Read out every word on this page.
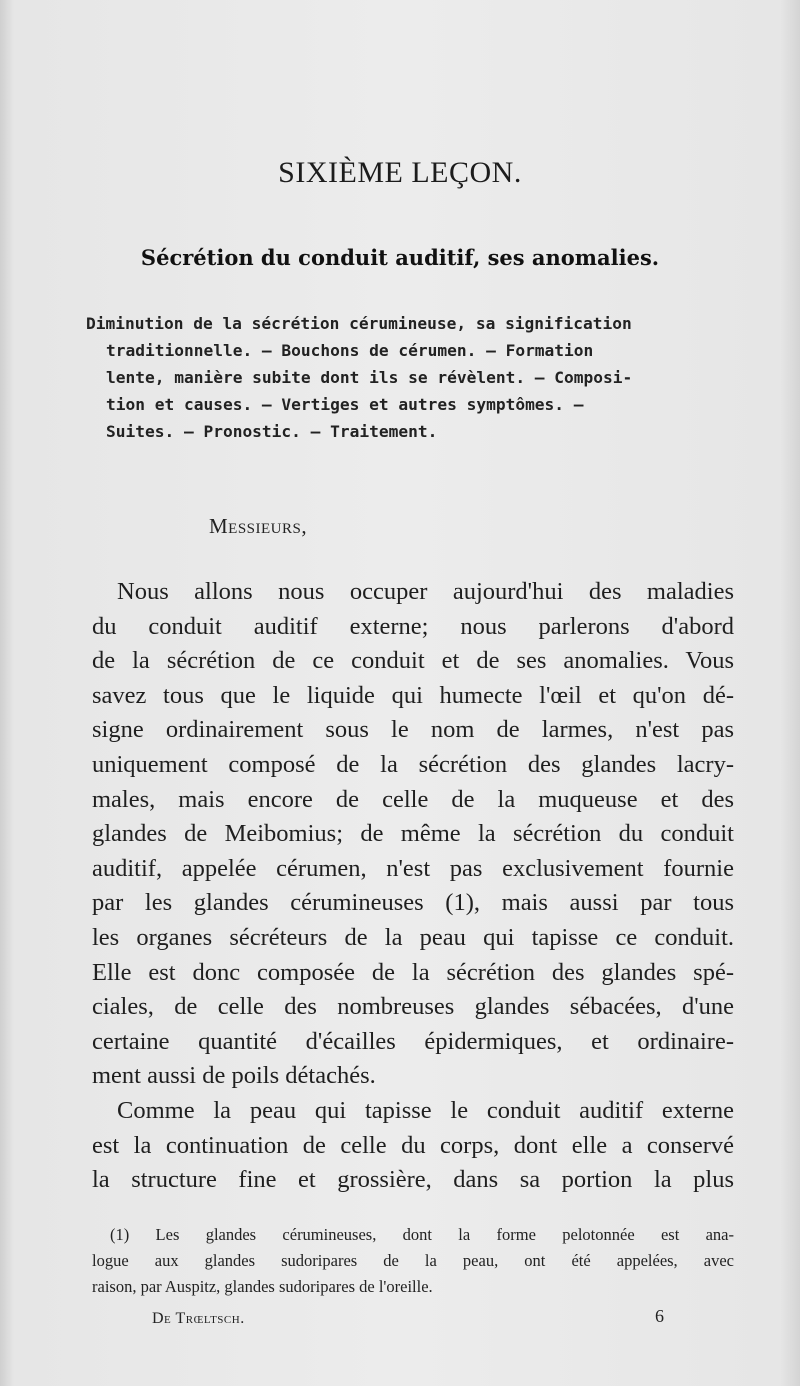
SIXIÈME LEÇON.
Sécrétion du conduit auditif, ses anomalies.
Diminution de la sécrétion cérumineuse, sa signification
traditionnelle. — Bouchons de cérumen. — Formation
lente, manière subite dont ils se révèlent. — Composi-
tion et causes. — Vertiges et autres symptômes. —
Suites. — Pronostic. — Traitement.
Messieurs,
Nous allons nous occuper aujourd'hui des maladies
du conduit auditif externe; nous parlerons d'abord
de la sécrétion de ce conduit et de ses anomalies. Vous
savez tous que le liquide qui humecte l'œil et qu'on dé-
signe ordinairement sous le nom de larmes, n'est pas
uniquement composé de la sécrétion des glandes lacry-
males, mais encore de celle de la muqueuse et des
glandes de Meibomius; de même la sécrétion du conduit
auditif, appelée cérumen, n'est pas exclusivement fournie
par les glandes cérumineuses (1), mais aussi par tous
les organes sécréteurs de la peau qui tapisse ce conduit.
Elle est donc composée de la sécrétion des glandes spé-
ciales, de celle des nombreuses glandes sébacées, d'une
certaine quantité d'écailles épidermiques, et ordinaire-
ment aussi de poils détachés.
Comme la peau qui tapisse le conduit auditif externe
est la continuation de celle du corps, dont elle a conservé
la structure fine et grossière, dans sa portion la plus
(1) Les glandes cérumineuses, dont la forme pelotonnée est ana-
logue aux glandes sudoripares de la peau, ont été appelées, avec
raison, par Auspitz, glandes sudoripares de l'oreille.
De Trœltsch.	6
